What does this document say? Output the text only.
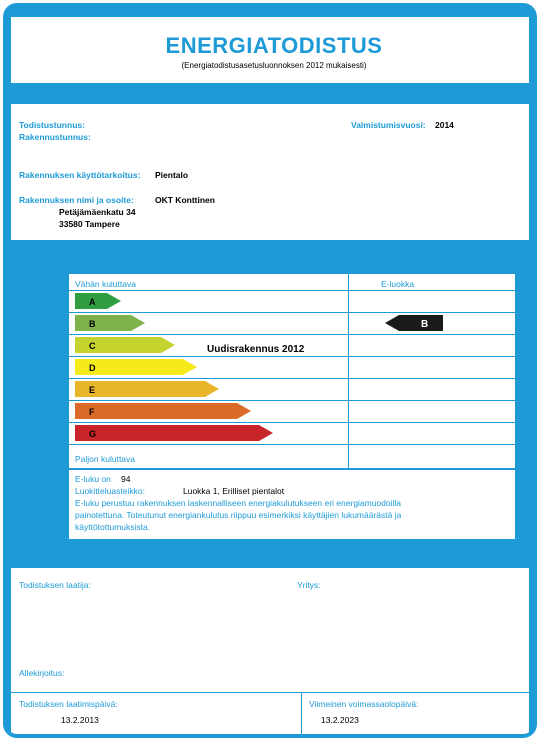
ENERGIATODISTUS
(Energiatodistusasetusluonnoksen 2012 mukaisesti)
Todistustunnus:
Rakennustunnus:
Valmistumisvuosi: 2014
Rakennuksen käyttötarkoitus: Pientalo
Rakennuksen nimi ja osoite: OKT Konttinen
Petäjämäenkatu 34
33580 Tampere
Vähän kuluttava	E-luokka
A
B	B
C
D
E
F
G
Uudisrakennus 2012
Paljon kuluttava
E-luku on 94
Luokitteluasteikko:	Luokka 1, Erilliset pientalot
E-luku perustuu rakennuksen laskennalliseen energiakulutukseen eri energiamuodoilla
painotettuna. Toteutunut energiankulutus riippuu esimerkiksi käyttäjien lukumäärästä ja
käyttötottumuksista.
Todistuksen laatija:	Yritys:
Allekirjoitus:
Todistuksen laatimispäivä:
13.2.2013
Viimeinen voimassaolopäivä:
13.2.2023
